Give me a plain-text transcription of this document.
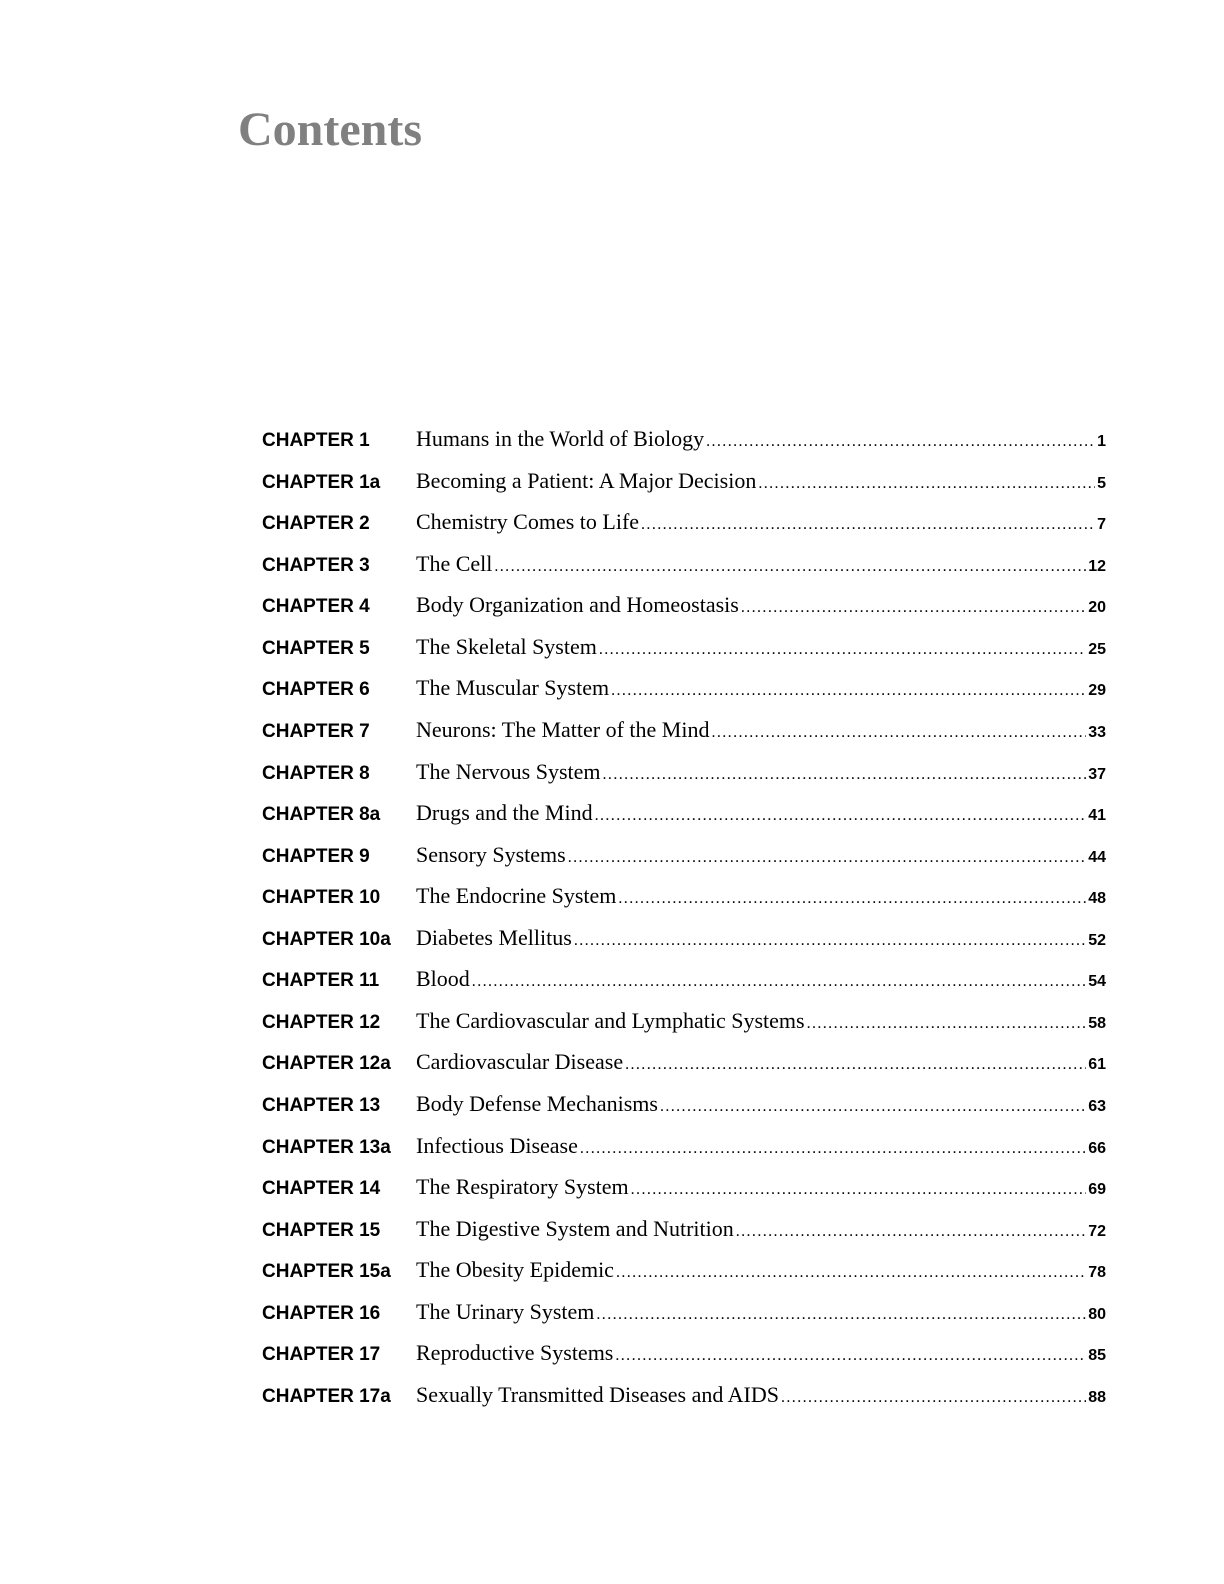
Contents
CHAPTER 1	Humans in the World of Biology .....	1
CHAPTER 1a	Becoming a Patient: A Major Decision .....	5
CHAPTER 2	Chemistry Comes to Life .....	7
CHAPTER 3	The Cell .....	12
CHAPTER 4	Body Organization and Homeostasis .....	20
CHAPTER 5	The Skeletal System .....	25
CHAPTER 6	The Muscular System .....	29
CHAPTER 7	Neurons: The Matter of the Mind .....	33
CHAPTER 8	The Nervous System .....	37
CHAPTER 8a	Drugs and the Mind .....	41
CHAPTER 9	Sensory Systems .....	44
CHAPTER 10	The Endocrine System .....	48
CHAPTER 10a	Diabetes Mellitus .....	52
CHAPTER 11	Blood .....	54
CHAPTER 12	The Cardiovascular and Lymphatic Systems .....	58
CHAPTER 12a	Cardiovascular Disease .....	61
CHAPTER 13	Body Defense Mechanisms .....	63
CHAPTER 13a	Infectious Disease .....	66
CHAPTER 14	The Respiratory System .....	69
CHAPTER 15	The Digestive System and Nutrition .....	72
CHAPTER 15a	The Obesity Epidemic .....	78
CHAPTER 16	The Urinary System .....	80
CHAPTER 17	Reproductive Systems .....	85
CHAPTER 17a	Sexually Transmitted Diseases and AIDS .....	88
